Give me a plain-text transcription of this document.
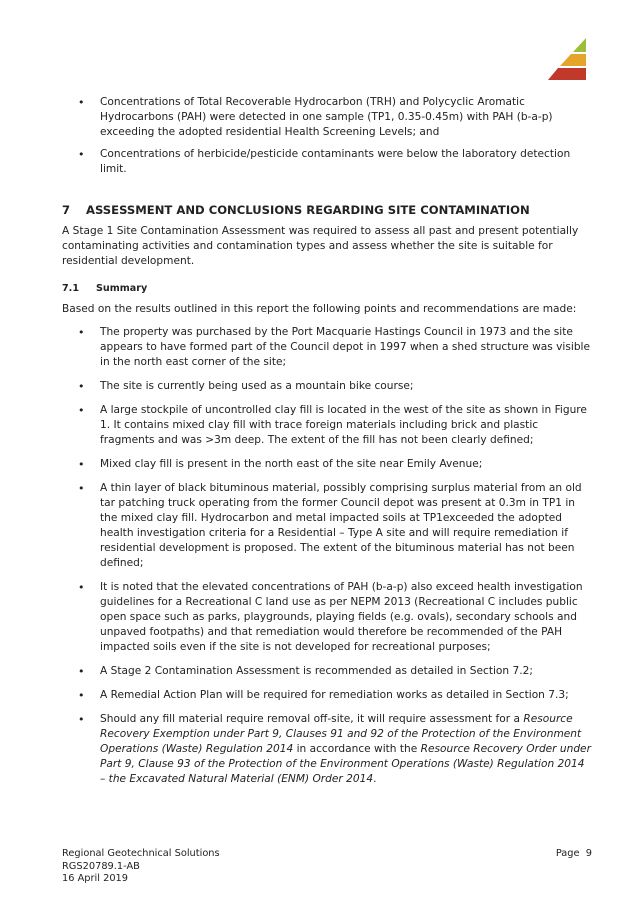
• Concentrations of Total Recoverable Hydrocarbon (TRH) and Polycyclic Aromatic Hydrocarbons (PAH) were detected in one sample (TP1, 0.35-0.45m) with PAH (b-a-p) exceeding the adopted residential Health Screening Levels; and
• Concentrations of herbicide/pesticide contaminants were below the laboratory detection limit.
7 ASSESSMENT AND CONCLUSIONS REGARDING SITE CONTAMINATION

A Stage 1 Site Contamination Assessment was required to assess all past and present potentially contaminating activities and contamination types and assess whether the site is suitable for residential development.

7.1 Summary

Based on the results outlined in this report the following points and recommendations are made:

• The property was purchased by the Port Macquarie Hastings Council in 1973 and the site appears to have formed part of the Council depot in 1997 when a shed structure was visible in the north east corner of the site;
• The site is currently being used as a mountain bike course;
• A large stockpile of uncontrolled clay fill is located in the west of the site as shown in Figure 1. It contains mixed clay fill with trace foreign materials including brick and plastic fragments and was >3m deep. The extent of the fill has not been clearly defined;
• Mixed clay fill is present in the north east of the site near Emily Avenue;
• A thin layer of black bituminous material, possibly comprising surplus material from an old tar patching truck operating from the former Council depot was present at 0.3m in TP1 in the mixed clay fill. Hydrocarbon and metal impacted soils at TP1exceeded the adopted health investigation criteria for a Residential – Type A site and will require remediation if residential development is proposed. The extent of the bituminous material has not been defined;
• It is noted that the elevated concentrations of PAH (b-a-p) also exceed health investigation guidelines for a Recreational C land use as per NEPM 2013 (Recreational C includes public open space such as parks, playgrounds, playing fields (e.g. ovals), secondary schools and unpaved footpaths) and that remediation would therefore be recommended of the PAH impacted soils even if the site is not developed for recreational purposes;
• A Stage 2 Contamination Assessment is recommended as detailed in Section 7.2;
• A Remedial Action Plan will be required for remediation works as detailed in Section 7.3;
• Should any fill material require removal off-site, it will require assessment for a Resource Recovery Exemption under Part 9, Clauses 91 and 92 of the Protection of the Environment Operations (Waste) Regulation 2014 in accordance with the Resource Recovery Order under Part 9, Clause 93 of the Protection of the Environment Operations (Waste) Regulation 2014 – the Excavated Natural Material (ENM) Order 2014.
Regional Geotechnical Solutions
RGS20789.1-AB
16 April 2019
Page 9
